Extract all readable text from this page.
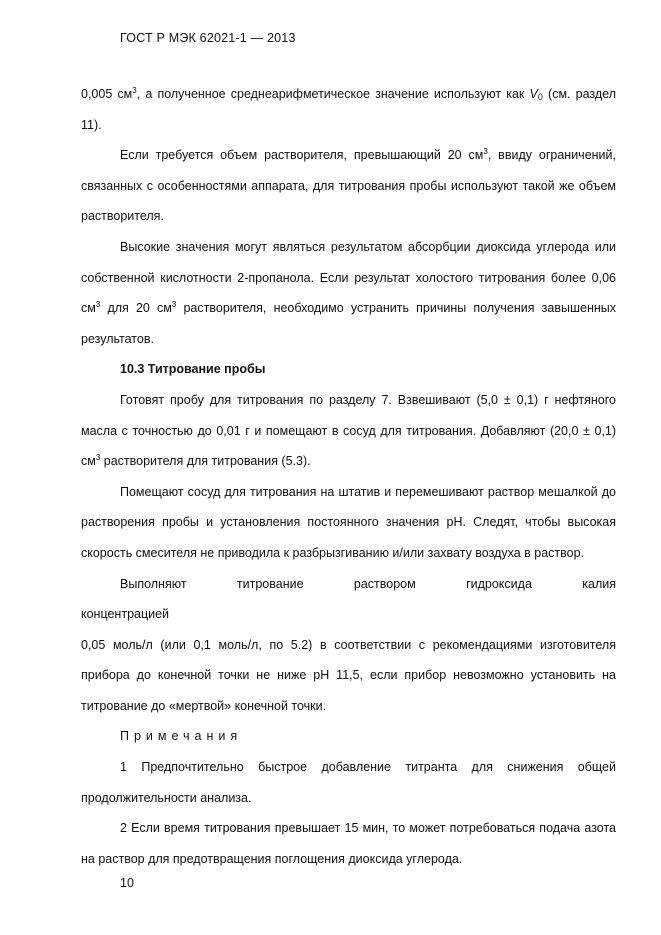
ГОСТ Р МЭК 62021-1 — 2013

0,005 $см^3$, а полученное среднеарифметическое значение используют как $V_0$ (см. раздел 11).

Если требуется объем растворителя, превышающий 20 $см^3$, ввиду ограничений, связанных с особенностями аппарата, для титрования пробы используют такой же объем растворителя.

Высокие значения могут являться результатом абсорбции диоксида углерода или собственной кислотности 2-пропанола. Если результат холостого титрования более 0,06 $см^3$ для 20 $см^3$ растворителя, необходимо устранить причины получения завышенных результатов.

10.3 Титрование пробы

Готовят пробу для титрования по разделу 7. Взвешивают (5,0 ± 0,1) г нефтяного масла с точностью до 0,01 г и помещают в сосуд для титрования. Добавляют (20,0 ± 0,1) $см^3$ растворителя для титрования (5.3).

Помещают сосуд для титрования на штатив и перемешивают раствор мешалкой до растворения пробы и установления постоянного значения pH. Следят, чтобы высокая скорость смесителя не приводила к разбрызгиванию и/или захвату воздуха в раствор.

Выполняют титрование раствором гидроксида калия концентрацией

0,05 моль/л (или 0,1 моль/л, по 5.2) в соответствии с рекомендациями изготовителя прибора до конечной точки не ниже pH 11,5, если прибор невозможно установить на титрование до «мертвой» конечной точки.

Примечания

1 Предпочтительно быстрое добавление титранта для снижения общей продолжительности анализа.

2 Если время титрования превышает 15 мин, то может потребоваться подача азота на раствор для предотвращения поглощения диоксида углерода.

10
